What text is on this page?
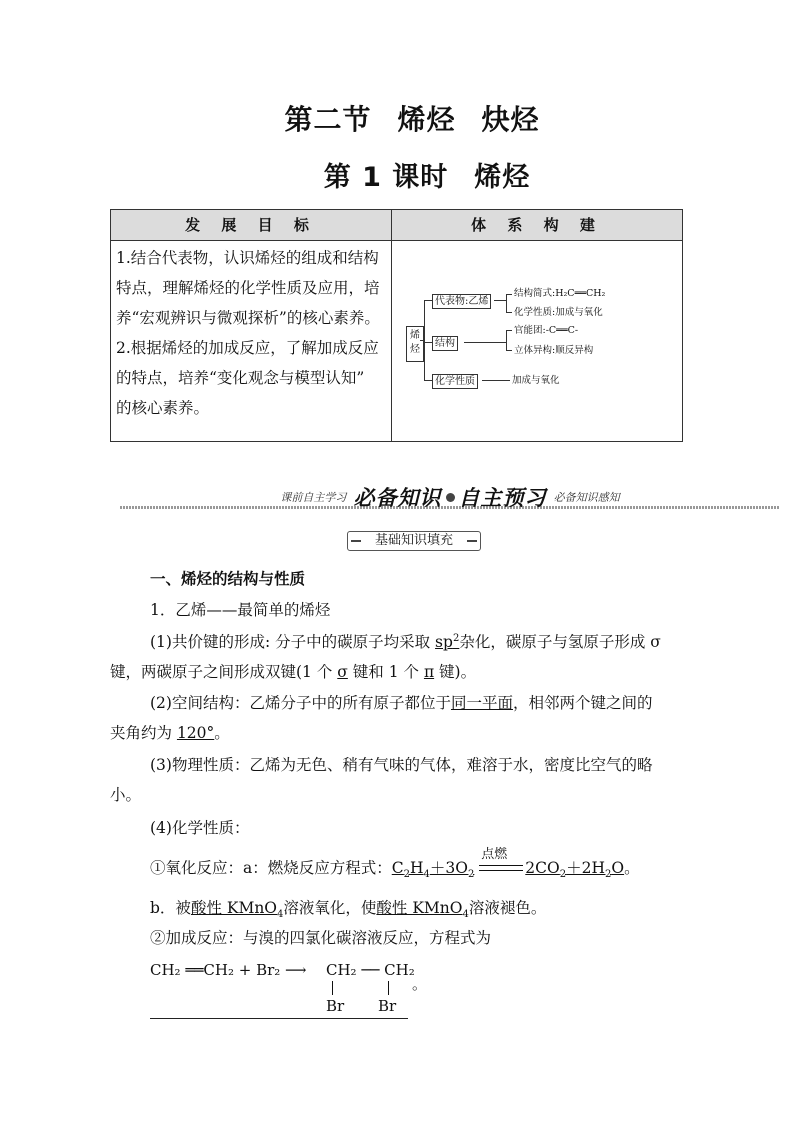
第二节 烯烃 炔烃
第 1 课时 烯烃
发 展 目 标	体 系 构 建
1.结合代表物，认识烯烃的组成和结构
特点，理解烯烃的化学性质及应用，培
养“宏观辨识与微观探析”的核心素养。
2.根据烯烃的加成反应，了解加成反应
的特点，培养“变化观念与模型认知”
的核心素养。
烯烃
代表物:乙烯
结构
化学性质
结构简式:H₂C══CH₂
化学性质:加成与氧化
官能团:-C══C-
立体异构:顺反异构
加成与氧化
课前自主学习 必备知识 自主预习 必备知识感知
基础知识填充
一、烯烃的结构与性质
1．乙烯——最简单的烯烃
(1)共价键的形成: 分子中的碳原子均采取 $sp^2$杂化，碳原子与氢原子形成 σ
键，两碳原子之间形成双键(1 个 σ 键和 1 个 π 键)。
(2)空间结构：乙烯分子中的所有原子都位于同一平面，相邻两个键之间的
夹角约为 120°。
(3)物理性质：乙烯为无色、稍有气味的气体，难溶于水，密度比空气的略
小。
(4)化学性质：
①氧化反应：a：燃烧反应方程式：$C_2H_4+3O_2$
点燃
$2CO_2+2H_2O$。
b．被酸性 KMnO$_4$溶液氧化，使酸性 KMnO$_4$溶液褪色。
②加成反应：与溴的四氯化碳溶液反应，方程式为
CH₂ ══CH₂ + Br₂ ⟶ CH₂ ── CH₂
Br Br
。
